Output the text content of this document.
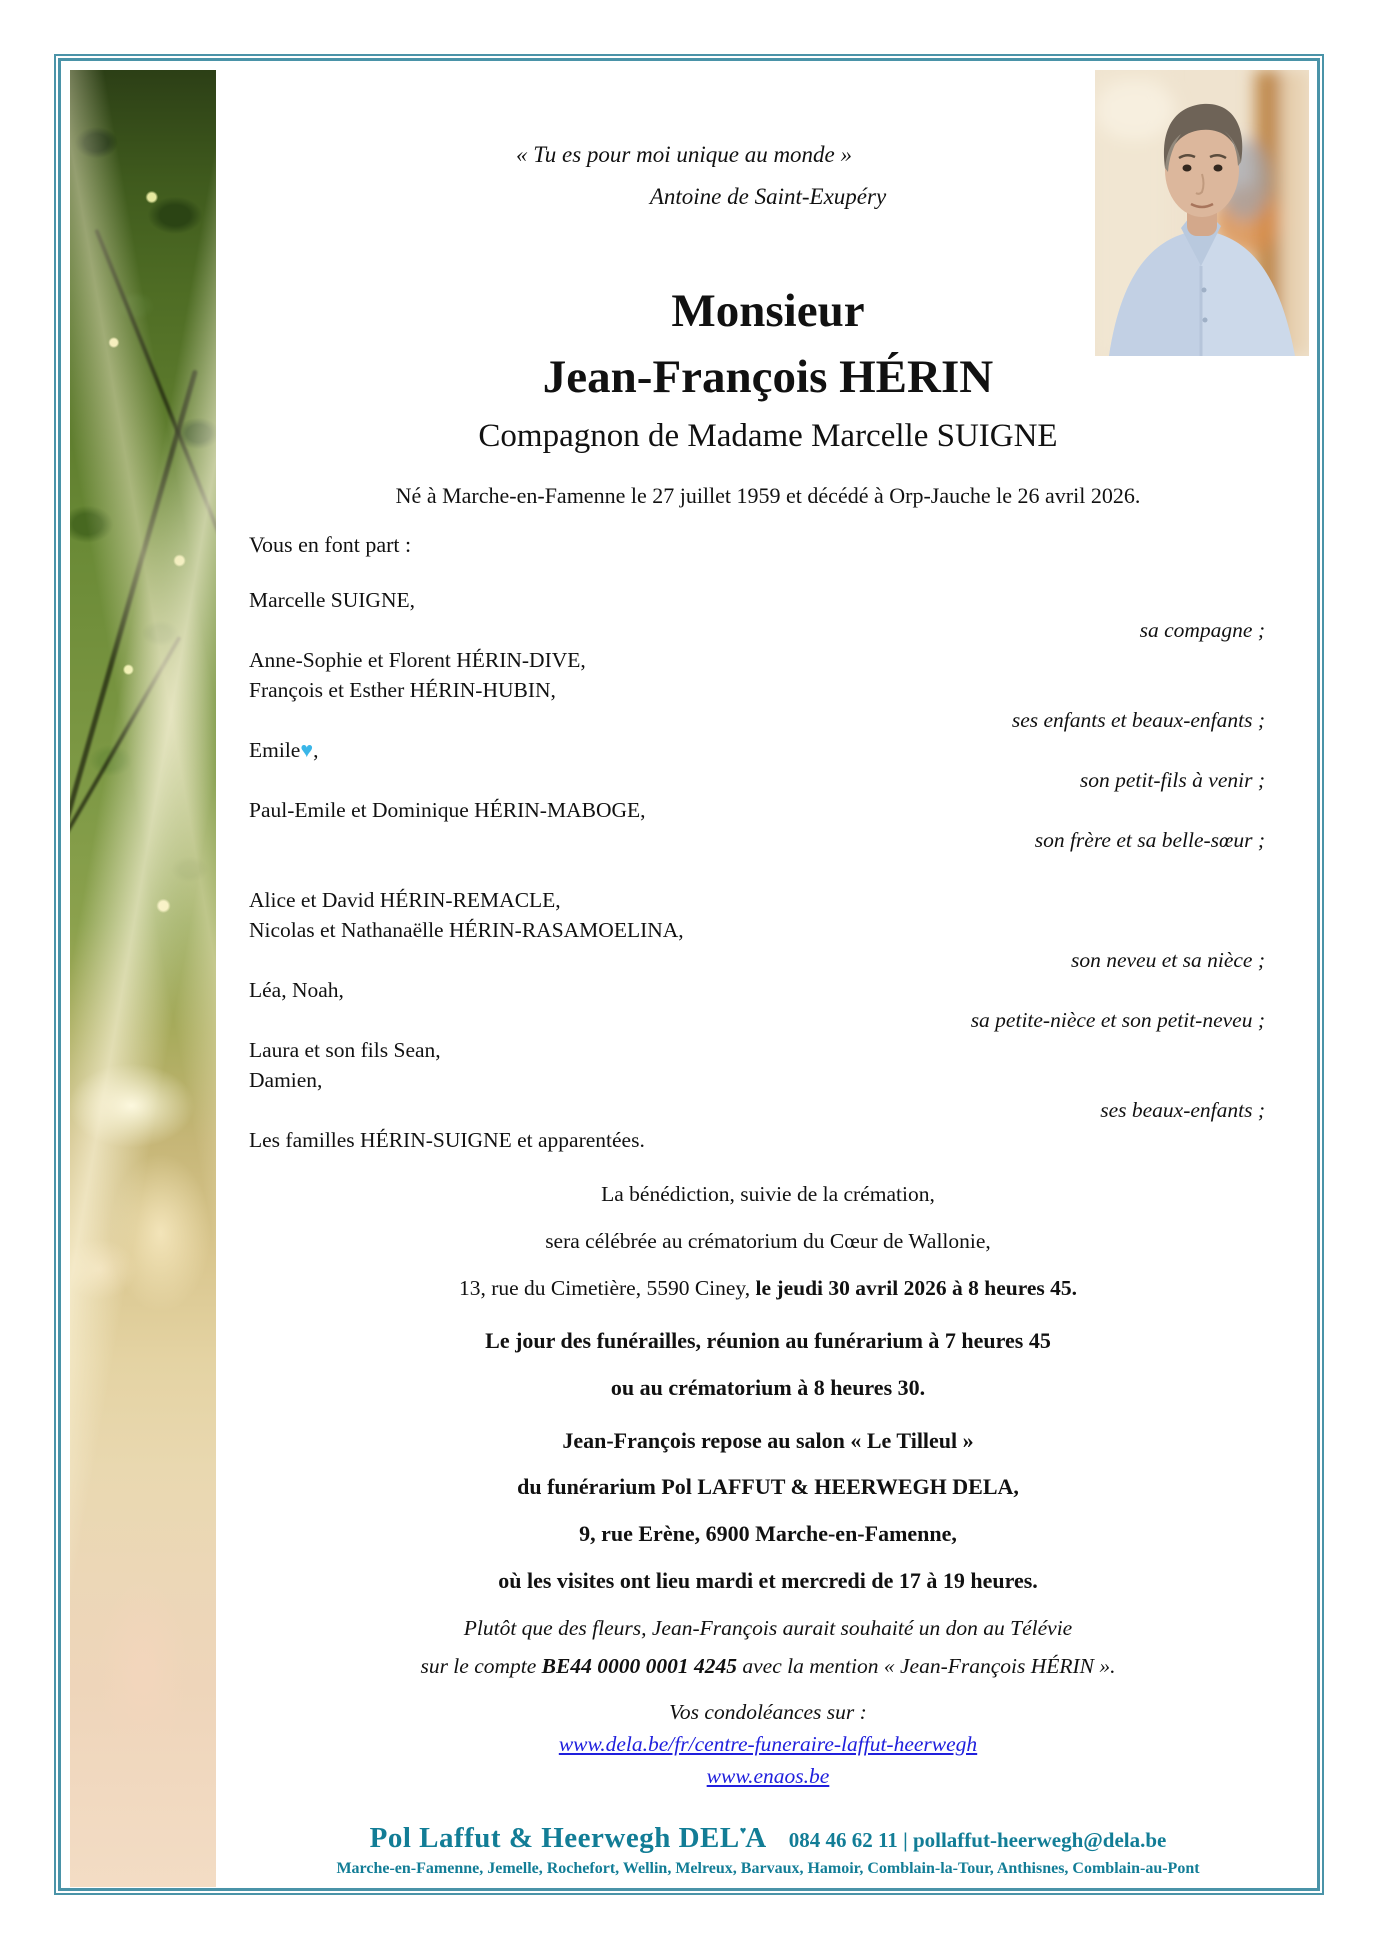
« Tu es pour moi unique au monde »
Antoine de Saint-Exupéry
Monsieur
Jean-François HÉRIN
Compagnon de Madame Marcelle SUIGNE
Né à Marche-en-Famenne le 27 juillet 1959 et décédé à Orp-Jauche le 26 avril 2026.
Vous en font part :
Marcelle SUIGNE,
sa compagne ;
Anne-Sophie et Florent HÉRIN-DIVE,
François et Esther HÉRIN-HUBIN,
ses enfants et beaux-enfants ;
Emile♥,
son petit-fils à venir ;
Paul-Emile et Dominique HÉRIN-MABOGE,
son frère et sa belle-sœur ;
Alice et David HÉRIN-REMACLE,
Nicolas et Nathanaëlle HÉRIN-RASAMOELINA,
son neveu et sa nièce ;
Léa, Noah,
sa petite-nièce et son petit-neveu ;
Laura et son fils Sean,
Damien,
ses beaux-enfants ;
Les familles HÉRIN-SUIGNE et apparentées.
La bénédiction, suivie de la crémation,
sera célébrée au crématorium du Cœur de Wallonie,
13, rue du Cimetière, 5590 Ciney, le jeudi 30 avril 2026 à 8 heures 45.
Le jour des funérailles, réunion au funérarium à 7 heures 45
ou au crématorium à 8 heures 30.
Jean-François repose au salon « Le Tilleul »
du funérarium Pol LAFFUT & HEERWEGH DELA,
9, rue Erène, 6900 Marche-en-Famenne,
où les visites ont lieu mardi et mercredi de 17 à 19 heures.
Plutôt que des fleurs, Jean-François aurait souhaité un don au Télévie
sur le compte BE44 0000 0001 4245 avec la mention « Jean-François HÉRIN ».
Vos condoléances sur :
www.dela.be/fr/centre-funeraire-laffut-heerwegh
www.enaos.be
Pol Laffut & Heerwegh DEL♥A 084 46 62 11 | pollaffut-heerwegh@dela.be
Marche-en-Famenne, Jemelle, Rochefort, Wellin, Melreux, Barvaux, Hamoir, Comblain-la-Tour, Anthisnes, Comblain-au-Pont
